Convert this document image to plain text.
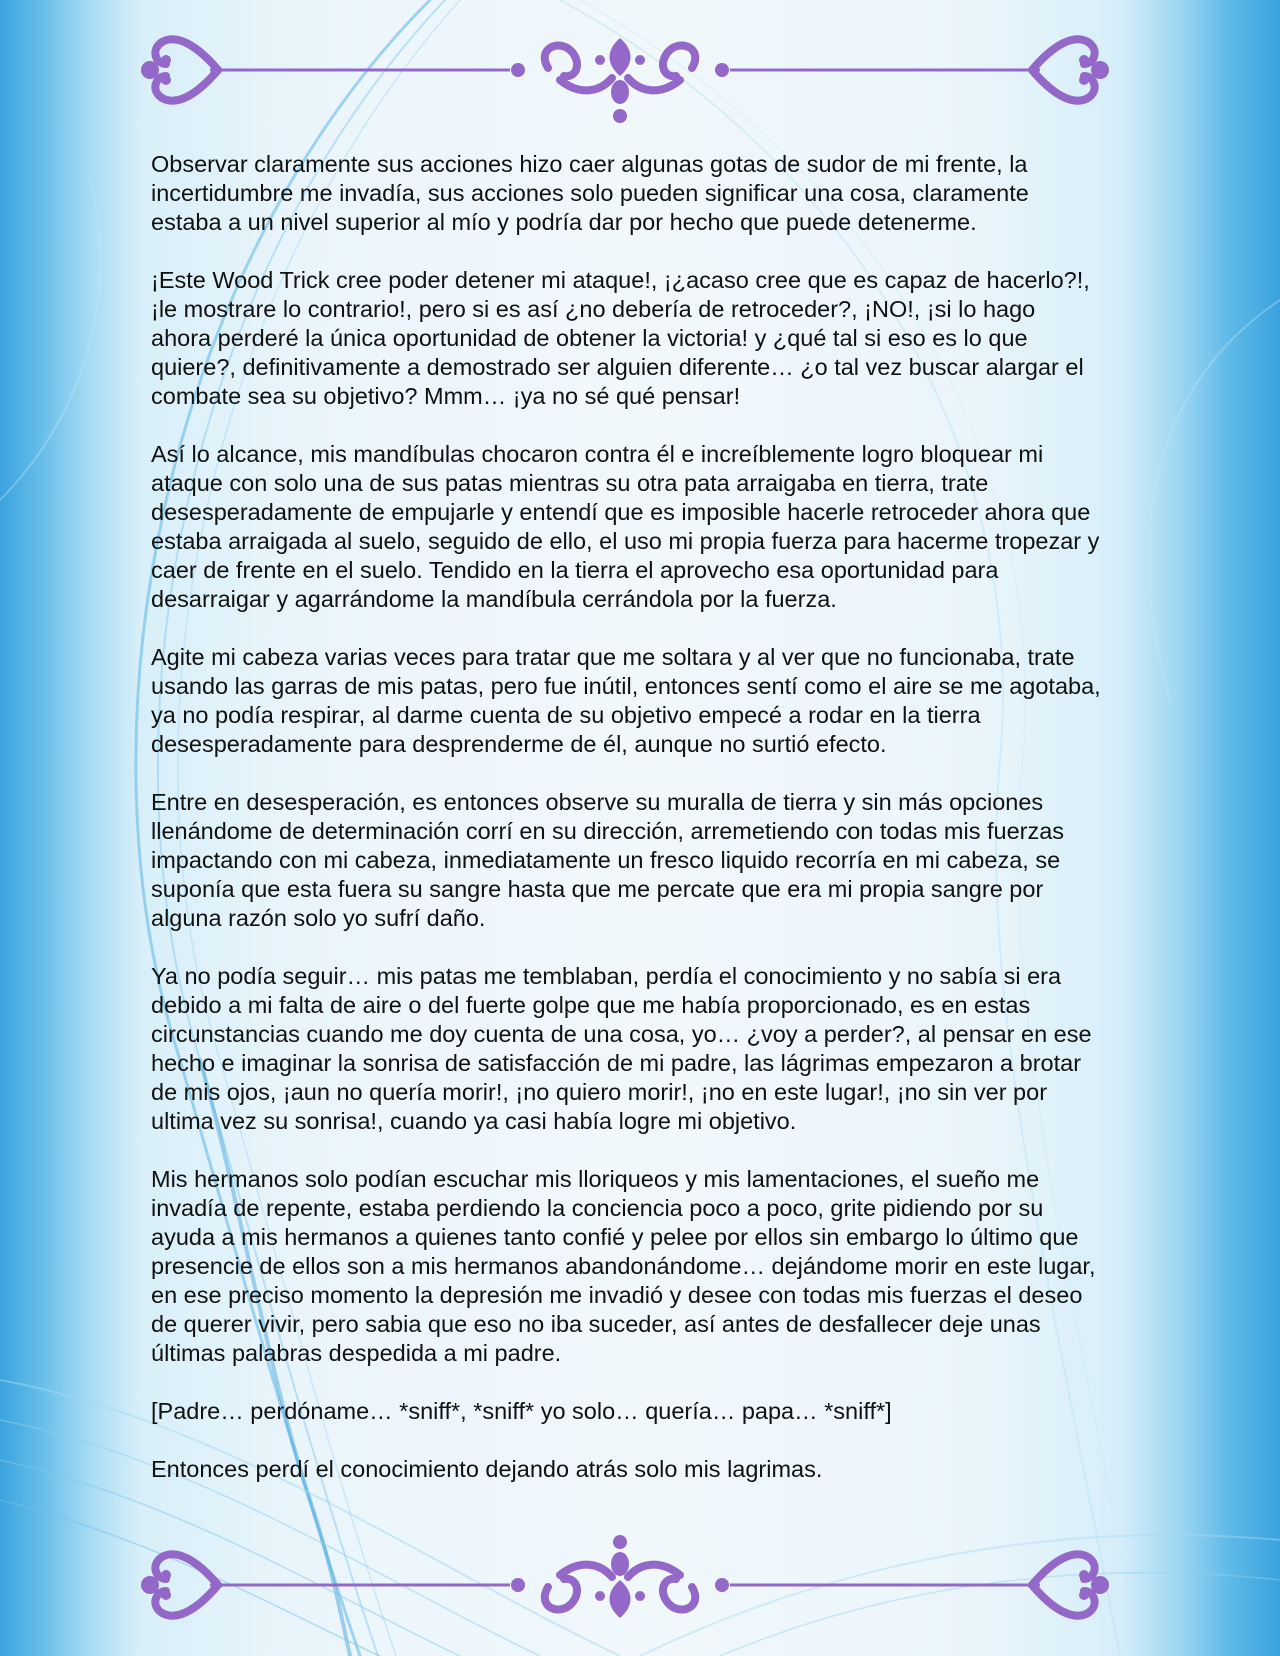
Observar claramente sus acciones hizo caer algunas gotas de sudor de mi frente, la incertidumbre me invadía, sus acciones solo pueden significar una cosa, claramente estaba a un nivel superior al mío y podría dar por hecho que puede detenerme.

¡Este Wood Trick cree poder detener mi ataque!, ¡¿acaso cree que es capaz de hacerlo?!, ¡le mostrare lo contrario!, pero si es así ¿no debería de retroceder?, ¡NO!, ¡si lo hago ahora perderé la única oportunidad de obtener la victoria! y ¿qué tal si eso es lo que quiere?, definitivamente a demostrado ser alguien diferente… ¿o tal vez buscar alargar el combate sea su objetivo? Mmm… ¡ya no sé qué pensar!

Así lo alcance, mis mandíbulas chocaron contra él e increíblemente logro bloquear mi ataque con solo una de sus patas mientras su otra pata arraigaba en tierra, trate desesperadamente de empujarle y entendí que es imposible hacerle retroceder ahora que estaba arraigada al suelo, seguido de ello, el uso mi propia fuerza para hacerme tropezar y caer de frente en el suelo. Tendido en la tierra el aprovecho esa oportunidad para desarraigar y agarrándome la mandíbula cerrándola por la fuerza.

Agite mi cabeza varias veces para tratar que me soltara y al ver que no funcionaba, trate usando las garras de mis patas, pero fue inútil, entonces sentí como el aire se me agotaba, ya no podía respirar, al darme cuenta de su objetivo empecé a rodar en la tierra desesperadamente para desprenderme de él, aunque no surtió efecto.

Entre en desesperación, es entonces observe su muralla de tierra y sin más opciones llenándome de determinación corrí en su dirección, arremetiendo con todas mis fuerzas impactando con mi cabeza, inmediatamente un fresco liquido recorría en mi cabeza, se suponía que esta fuera su sangre hasta que me percate que era mi propia sangre por alguna razón solo yo sufrí daño.

Ya no podía seguir… mis patas me temblaban, perdía el conocimiento y no sabía si era debido a mi falta de aire o del fuerte golpe que me había proporcionado, es en estas circunstancias cuando me doy cuenta de una cosa, yo… ¿voy a perder?, al pensar en ese hecho e imaginar la sonrisa de satisfacción de mi padre, las lágrimas empezaron a brotar de mis ojos, ¡aun no quería morir!, ¡no quiero morir!, ¡no en este lugar!, ¡no sin ver por ultima vez su sonrisa!, cuando ya casi había logre mi objetivo.

Mis hermanos solo podían escuchar mis lloriqueos y mis lamentaciones, el sueño me invadía de repente, estaba perdiendo la conciencia poco a poco, grite pidiendo por su ayuda a mis hermanos a quienes tanto confié y pelee por ellos sin embargo lo último que presencie de ellos son a mis hermanos abandonándome… dejándome morir en este lugar, en ese preciso momento la depresión me invadió y desee con todas mis fuerzas el deseo de querer vivir, pero sabia que eso no iba suceder, así antes de desfallecer deje unas últimas palabras despedida a mi padre.

[Padre… perdóname… *sniff*, *sniff* yo solo… quería… papa… *sniff*]

Entonces perdí el conocimiento dejando atrás solo mis lagrimas.
